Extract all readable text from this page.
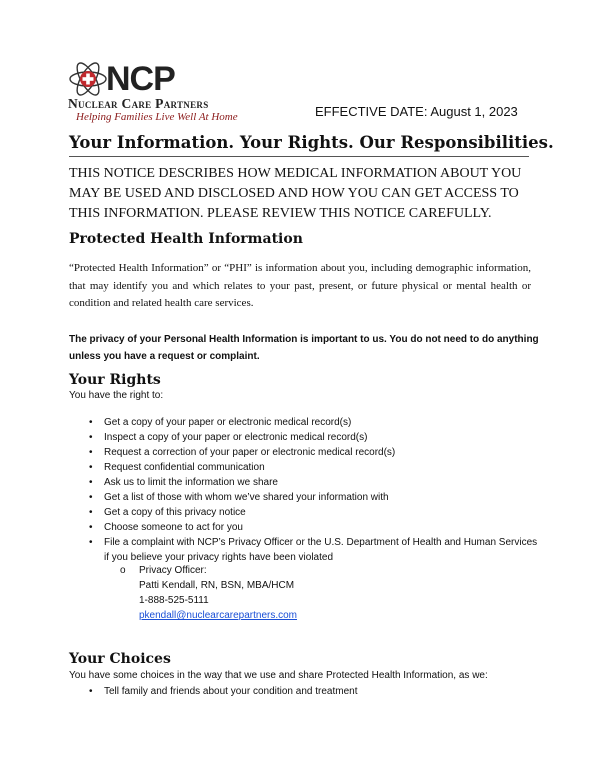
NCP
Nuclear Care Partners
Helping Families Live Well At Home	EFFECTIVE DATE: August 1, 2023
Your Information. Your Rights. Our Responsibilities.
THIS NOTICE DESCRIBES HOW MEDICAL INFORMATION ABOUT YOU MAY BE USED AND DISCLOSED AND HOW YOU CAN GET ACCESS TO THIS INFORMATION. PLEASE REVIEW THIS NOTICE CAREFULLY.
Protected Health Information
“Protected Health Information” or “PHI” is information about you, including demographic information, that may identify you and which relates to your past, present, or future physical or mental health or condition and related health care services.
The privacy of your Personal Health Information is important to us. You do not need to do anything unless you have a request or complaint.
Your Rights
You have the right to:
• Get a copy of your paper or electronic medical record(s)
• Inspect a copy of your paper or electronic medical record(s)
• Request a correction of your paper or electronic medical record(s)
• Request confidential communication
• Ask us to limit the information we share
• Get a list of those with whom we’ve shared your information with
• Get a copy of this privacy notice
• Choose someone to act for you
• File a complaint with NCP’s Privacy Officer or the U.S. Department of Health and Human Services
if you believe your privacy rights have been violated
o Privacy Officer:
Patti Kendall, RN, BSN, MBA/HCM
1-888-525-5111
pkendall@nuclearcarepartners.com
Your Choices
You have some choices in the way that we use and share Protected Health Information, as we:
• Tell family and friends about your condition and treatment
